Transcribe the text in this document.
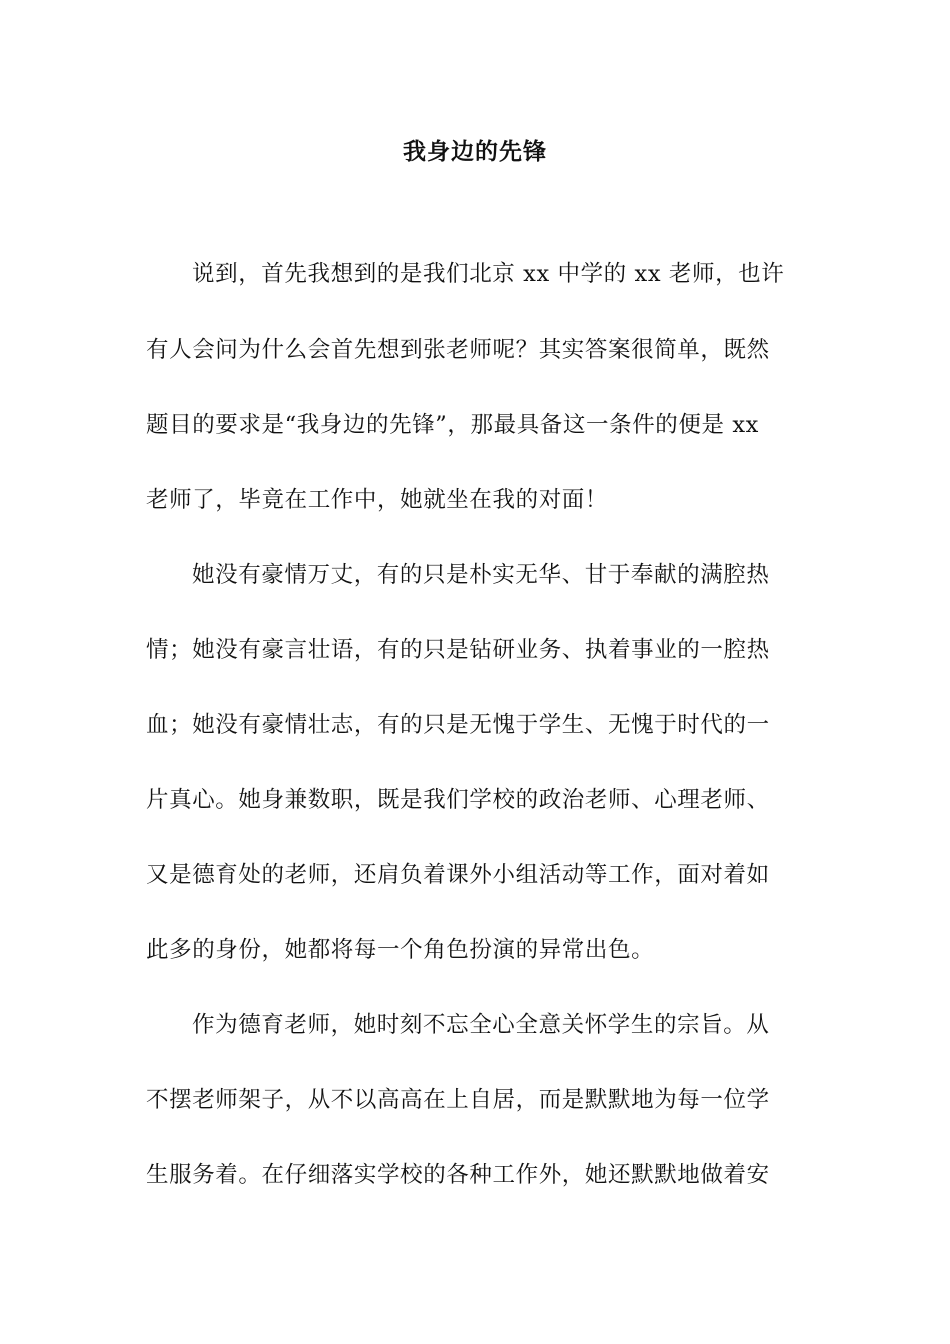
我身边的先锋
说到，首先我想到的是我们北京 xx 中学的 xx 老师，也许
有人会问为什么会首先想到张老师呢？其实答案很简单，既然
题目的要求是“我身边的先锋”，那最具备这一条件的便是 xx
老师了，毕竟在工作中，她就坐在我的对面！
她没有豪情万丈，有的只是朴实无华、甘于奉献的满腔热
情；她没有豪言壮语，有的只是钻研业务、执着事业的一腔热
血；她没有豪情壮志，有的只是无愧于学生、无愧于时代的一
片真心。她身兼数职，既是我们学校的政治老师、心理老师、
又是德育处的老师，还肩负着课外小组活动等工作，面对着如
此多的身份，她都将每一个角色扮演的异常出色。
作为德育老师，她时刻不忘全心全意关怀学生的宗旨。从
不摆老师架子，从不以高高在上自居，而是默默地为每一位学
生服务着。在仔细落实学校的各种工作外，她还默默地做着安
